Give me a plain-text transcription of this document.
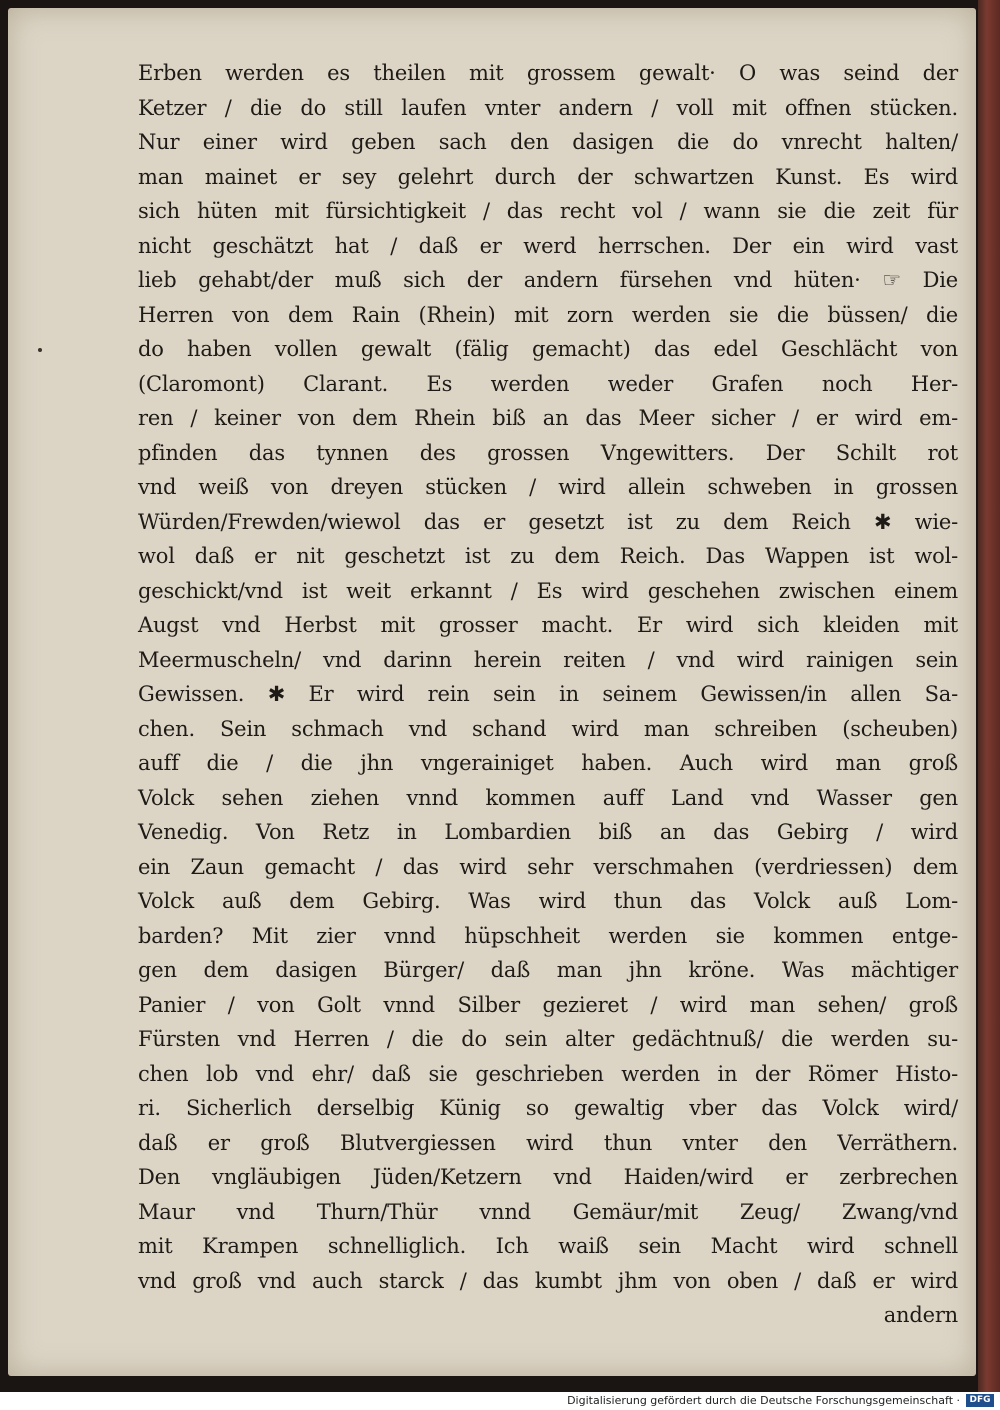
Erben werden es theilen mit grossem gewalt· O was seind der
Ketzer / die do still laufen vnter andern / voll mit offnen stücken.
Nur einer wird geben sach den dasigen die do vnrecht halten/
man mainet er sey gelehrt durch der schwartzen Kunst. Es wird
sich hüten mit fürsichtigkeit / das recht vol / wann sie die zeit für
nicht geschätzt hat / daß er werd herrschen. Der ein wird vast
lieb gehabt/der muß sich der andern fürsehen vnd hüten· ☞ Die
Herren von dem Rain (Rhein) mit zorn werden sie die büssen/ die
do haben vollen gewalt (fälig gemacht) das edel Geschlächt von
(Claromont) Clarant. Es werden weder Grafen noch Her-
ren / keiner von dem Rhein biß an das Meer sicher / er wird em-
pfinden das tynnen des grossen Vngewitters. Der Schilt rot
vnd weiß von dreyen stücken / wird allein schweben in grossen
Würden/Frewden/wiewol das er gesetzt ist zu dem Reich ✱ wie-
wol daß er nit geschetzt ist zu dem Reich. Das Wappen ist wol-
geschickt/vnd ist weit erkannt / Es wird geschehen zwischen einem
Augst vnd Herbst mit grosser macht. Er wird sich kleiden mit
Meermuscheln/ vnd darinn herein reiten / vnd wird rainigen sein
Gewissen. ✱ Er wird rein sein in seinem Gewissen/in allen Sa-
chen. Sein schmach vnd schand wird man schreiben (scheuben)
auff die / die jhn vngerainiget haben. Auch wird man groß
Volck sehen ziehen vnnd kommen auff Land vnd Wasser gen
Venedig. Von Retz in Lombardien biß an das Gebirg / wird
ein Zaun gemacht / das wird sehr verschmahen (verdriessen) dem
Volck auß dem Gebirg. Was wird thun das Volck auß Lom-
barden? Mit zier vnnd hüpschheit werden sie kommen entge-
gen dem dasigen Bürger/ daß man jhn kröne. Was mächtiger
Panier / von Golt vnnd Silber gezieret / wird man sehen/ groß
Fürsten vnd Herren / die do sein alter gedächtnuß/ die werden su-
chen lob vnd ehr/ daß sie geschrieben werden in der Römer Histo-
ri. Sicherlich derselbig Künig so gewaltig vber das Volck wird/
daß er groß Blutvergiessen wird thun vnter den Verräthern.
Den vngläubigen Jüden/Ketzern vnd Haiden/wird er zerbrechen
Maur vnd Thurn/Thür vnnd Gemäur/mit Zeug/ Zwang/vnd
mit Krampen schnelliglich. Ich waiß sein Macht wird schnell
vnd groß vnd auch starck / das kumbt jhm von oben / daß er wird
andern
Digitalisierung gefördert durch die Deutsche Forschungsgemeinschaft ·	DFG
